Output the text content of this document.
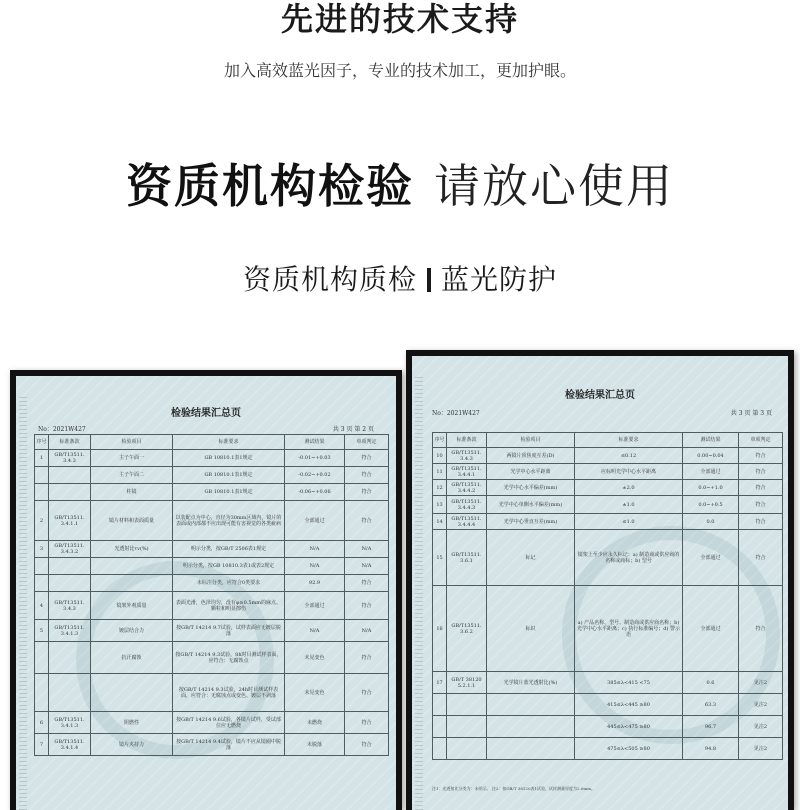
先进的技术支持
加入高效蓝光因子，专业的技术加工，更加护眼。
资质机构检验 请放心使用
资质机构质检 蓝光防护
检验结果汇总页
No：2021W427	共 3 页 第 2 页
序号	标准条款	检验项目	标准要求	测试结果	单项判定
1	GB/T13511. 3.4.3	主子午面一	GB 10810.1表1规定	-0.01~+0.03	符合
		主子午面二	GB 10810.1表1规定	-0.02~+0.02	符合
		柱镜	GB 10810.1表1规定	-0.06~+0.06	符合
2	GB/T13511. 3.4.1.1	镜片材料和表面质量	以装配点为中心，直径为30mm区域内，镜片的表面或内部都不应出现可能有害视觉的各类疵病	全部通过	符合
3	GB/T13511. 3.4.3.2	光透射比τv(%)	明示分类，按GB/T 2506表1规定	N/A	N/A
			明示分类，按GB 10810.3表1或表2规定	N/A	N/A
			未标注分类，应符合0类要求	92.9	符合
4	GB/T13511. 3.4.3	镜架外观质量	表面光滑，色泽均匀，没有φ≥0.5mm的麻点、颗粒和明显擦伤	全部通过	符合
5	GB/T13511. 3.4.1.3	镀层结合力	按GB/T 14214 9.7试验，试样表面应无镀层脱落	N/A	N/A
		抗汗腐蚀	按GB/T 14214 9.3试验，8h时目测试样表面，应符合：无腐蚀点	未见变色	符合
			按GB/T 14214 9.3试验，24h时目测试样表面，应符合：无腐蚀点或变色、镀层不剥落	未见变色	符合
6	GB/T13511. 3.4.1.3	阻燃性	按GB/T 14214 9.6试验，各镜片试样，受试部位应无燃烧	未燃烧	符合
7	GB/T13511. 3.4.1.4	镜片夹持力	按GB/T 14214 9.4试验，镜片不应从镜圈中脱落	未脱落	符合
检验结果汇总页
No：2021W427	共 3 页 第 3 页
序号	标准条款	检验项目	标准要求	测试结果	单项判定
10	GB/T13511. 3.4.3	两镜片顶焦度互差(D)	≤0.12	0.00~0.04	符合
11	GB/T13511. 3.4.4.1	光学中心水平距离	应标明光学中心水平距离	全部通过	符合
12	GB/T13511. 3.4.4.2	光学中心水平偏差(mm)	±2.0	0.0~+1.0	符合
13	GB/T13511. 3.4.4.3	光学中心单侧水平偏差(mm)	±1.0	0.0~+0.5	符合
14	GB/T13511. 3.4.4.4	光学中心垂直互差(mm)	≤1.0	0.0	符合
15	GB/T13511. 3.6.1	标记	镜架上至少应永久标记：a) 制造商或供应商的名称或商标；b) 型号	全部通过	符合
16	GB/T13511. 3.6.2	标识	a) 产品名称、型号、制造商或供应商名称；b) 光学中心水平距离；c) 执行标准编号；d) 警示语	全部通过	符合
17	GB/T 38120 5.2.1.1	光学镜片蓝光透射比(%)	385≤λ<415 <75	0.6	见注2
			415≤λ<445 ≥80	63.3	见注2
			445≤λ<475 ≥80	96.7	见注2
			475≤λ<505 ≥80	94.8	见注2
注1：光透射比分类为：未明示。 注2：按GB/T 38120表1试验，试样测量厚度为2.0mm。
